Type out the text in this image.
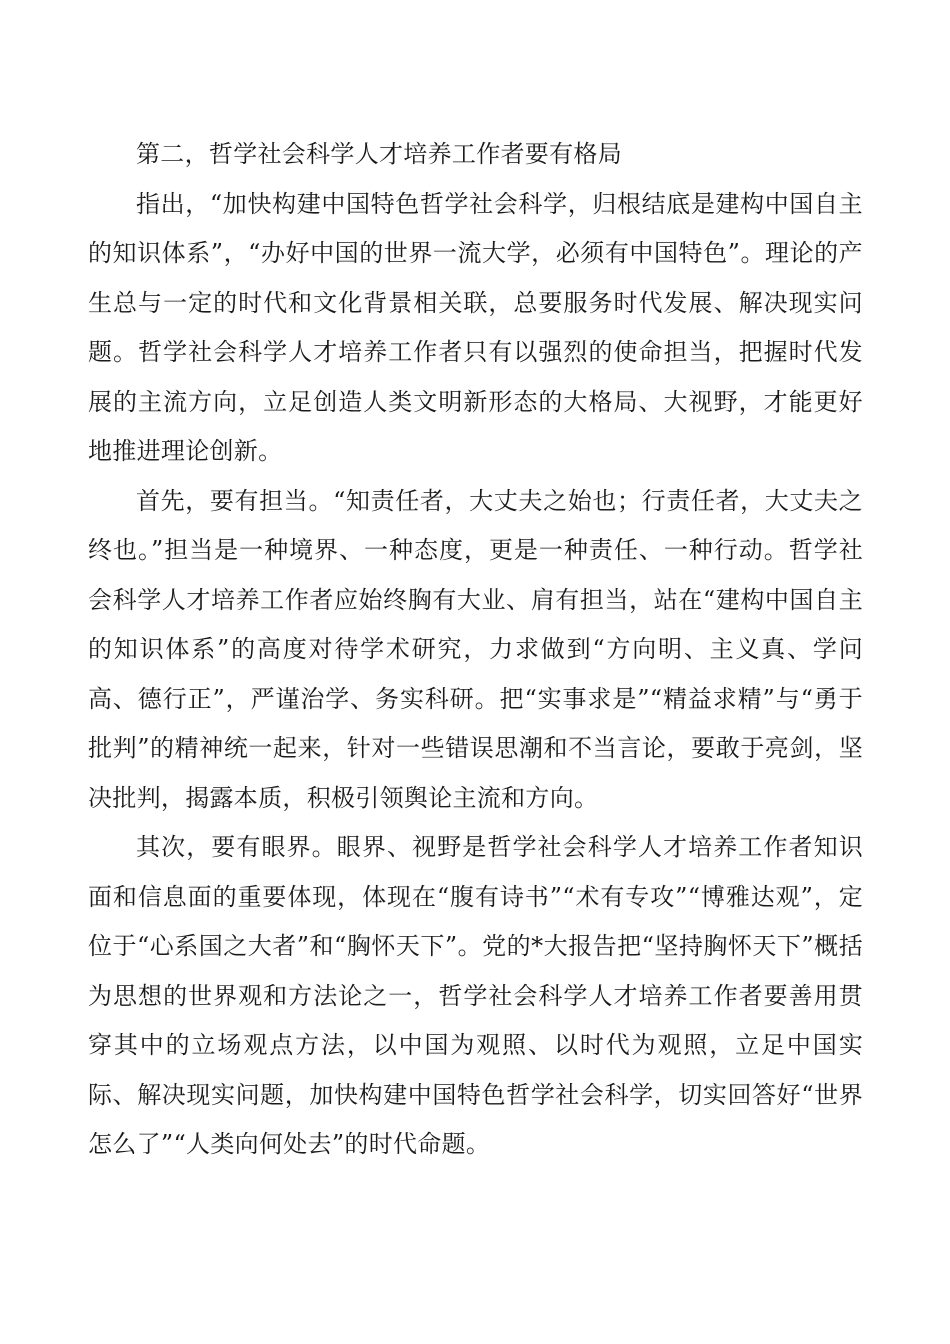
第二，哲学社会科学人才培养工作者要有格局

指出，“加快构建中国特色哲学社会科学，归根结底是建构中国自主的知识体系”，“办好中国的世界一流大学，必须有中国特色”。理论的产生总与一定的时代和文化背景相关联，总要服务时代发展、解决现实问题。哲学社会科学人才培养工作者只有以强烈的使命担当，把握时代发展的主流方向，立足创造人类文明新形态的大格局、大视野，才能更好地推进理论创新。

首先，要有担当。“知责任者，大丈夫之始也；行责任者，大丈夫之终也。”担当是一种境界、一种态度，更是一种责任、一种行动。哲学社会科学人才培养工作者应始终胸有大业、肩有担当，站在“建构中国自主的知识体系”的高度对待学术研究，力求做到“方向明、主义真、学问高、德行正”，严谨治学、务实科研。把“实事求是”“精益求精”与“勇于批判”的精神统一起来，针对一些错误思潮和不当言论，要敢于亮剑，坚决批判，揭露本质，积极引领舆论主流和方向。

其次，要有眼界。眼界、视野是哲学社会科学人才培养工作者知识面和信息面的重要体现，体现在“腹有诗书”“术有专攻”“博雅达观”，定位于“心系国之大者”和“胸怀天下”。党的*大报告把“坚持胸怀天下”概括为思想的世界观和方法论之一，哲学社会科学人才培养工作者要善用贯穿其中的立场观点方法，以中国为观照、以时代为观照，立足中国实际、解决现实问题，加快构建中国特色哲学社会科学，切实回答好“世界怎么了”“人类向何处去”的时代命题。
